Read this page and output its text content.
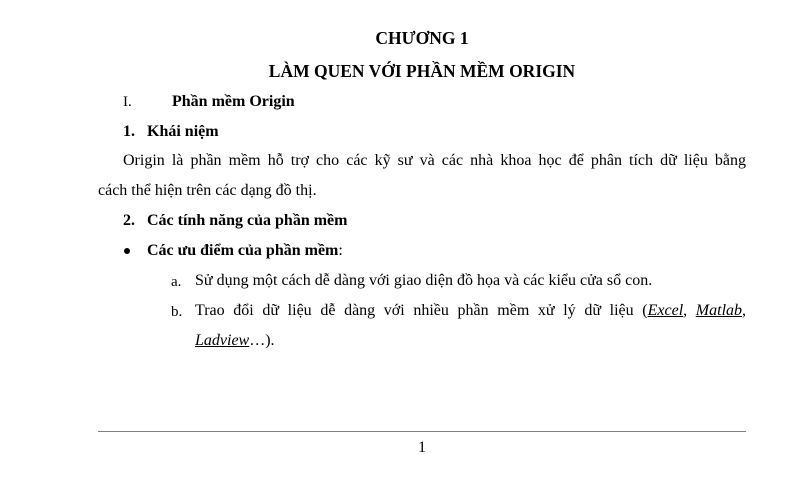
CHƯƠNG 1
LÀM QUEN VỚI PHẦN MỀM ORIGIN
I.	Phần mềm Origin
1. Khái niệm
Origin là phần mềm hỗ trợ cho các kỹ sư và các nhà khoa học để phân tích dữ liệu bằng
cách thể hiện trên các dạng đồ thị.
2. Các tính năng của phần mềm
Các ưu điểm của phần mềm:
a. Sử dụng một cách dễ dàng với giao diện đồ họa và các kiểu cửa sổ con.
b. Trao đổi dữ liệu dễ dàng với nhiều phần mềm xử lý dữ liệu (Excel, Matlab,
Ladview…).
1
